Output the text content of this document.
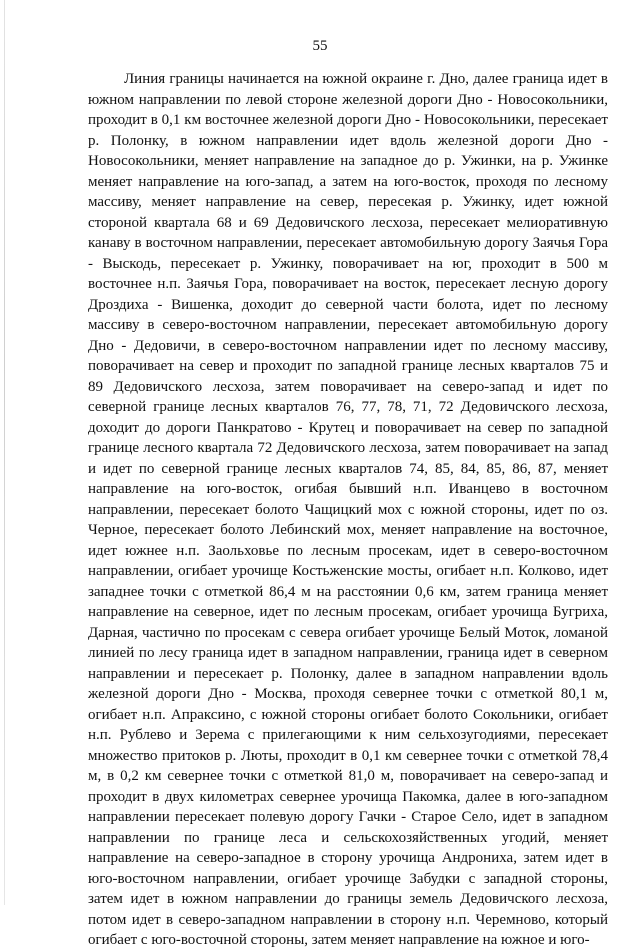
55

Линия границы начинается на южной окраине г. Дно, далее граница идет в южном направлении по левой стороне железной дороги Дно - Новосокольники, проходит в 0,1 км восточнее железной дороги Дно - Новосокольники, пересекает р. Полонку, в южном направлении идет вдоль железной дороги Дно - Новосокольники, меняет направление на западное до р. Ужинки, на р. Ужинке меняет направление на юго-запад, а затем на юго-восток, проходя по лесному массиву, меняет направление на север, пересекая р. Ужинку, идет южной стороной квартала 68 и 69 Дедовичского лесхоза, пересекает мелиоративную канаву в восточном направлении, пересекает автомобильную дорогу Заячья Гора - Выскодь, пересекает р. Ужинку, поворачивает на юг, проходит в 500 м восточнее н.п. Заячья Гора, поворачивает на восток, пересекает лесную дорогу Дроздиха - Вишенка, доходит до северной части болота, идет по лесному массиву в северо-восточном направлении, пересекает автомобильную дорогу Дно - Дедовичи, в северо-восточном направлении идет по лесному массиву, поворачивает на север и проходит по западной границе лесных кварталов 75 и 89 Дедовичского лесхоза, затем поворачивает на северо-запад и идет по северной границе лесных кварталов 76, 77, 78, 71, 72 Дедовичского лесхоза, доходит до дороги Панкратово - Крутец и поворачивает на север по западной границе лесного квартала 72 Дедовичского лесхоза, затем поворачивает на запад и идет по северной границе лесных кварталов 74, 85, 84, 85, 86, 87, меняет направление на юго-восток, огибая бывший н.п. Иванцево в восточном направлении, пересекает болото Чащицкий мох с южной стороны, идет по оз. Черное, пересекает болото Лебинский мох, меняет направление на восточное, идет южнее н.п. Заольховье по лесным просекам, идет в северо-восточном направлении, огибает урочище Костьженские мосты, огибает н.п. Колково, идет западнее точки с отметкой 86,4 м на расстоянии 0,6 км, затем граница меняет направление на северное, идет по лесным просекам, огибает урочища Бугриха, Дарная, частично по просекам с севера огибает урочище Белый Моток, ломаной линией по лесу граница идет в западном направлении, граница идет в северном направлении и пересекает р. Полонку, далее в западном направлении вдоль железной дороги Дно - Москва, проходя севернее точки с отметкой 80,1 м, огибает н.п. Апраксино, с южной стороны огибает болото Сокольники, огибает н.п. Рублево и Зерема с прилегающими к ним сельхозугодиями, пересекает множество притоков р. Люты, проходит в 0,1 км севернее точки с отметкой 78,4 м, в 0,2 км севернее точки с отметкой 81,0 м, поворачивает на северо-запад и проходит в двух километрах севернее урочища Пакомка, далее в юго-западном направлении пересекает полевую дорогу Гачки - Старое Село, идет в западном направлении по границе леса и сельскохозяйственных угодий, меняет направление на северо-западное в сторону урочища Андрониха, затем идет в юго-восточном направлении, огибает урочище Забудки с западной стороны, затем идет в южном направлении до границы земель Дедовичского лесхоза, потом идет в северо-западном направлении в сторону н.п. Черемново, который огибает с юго-восточной стороны, затем меняет направление на южное и юго-
